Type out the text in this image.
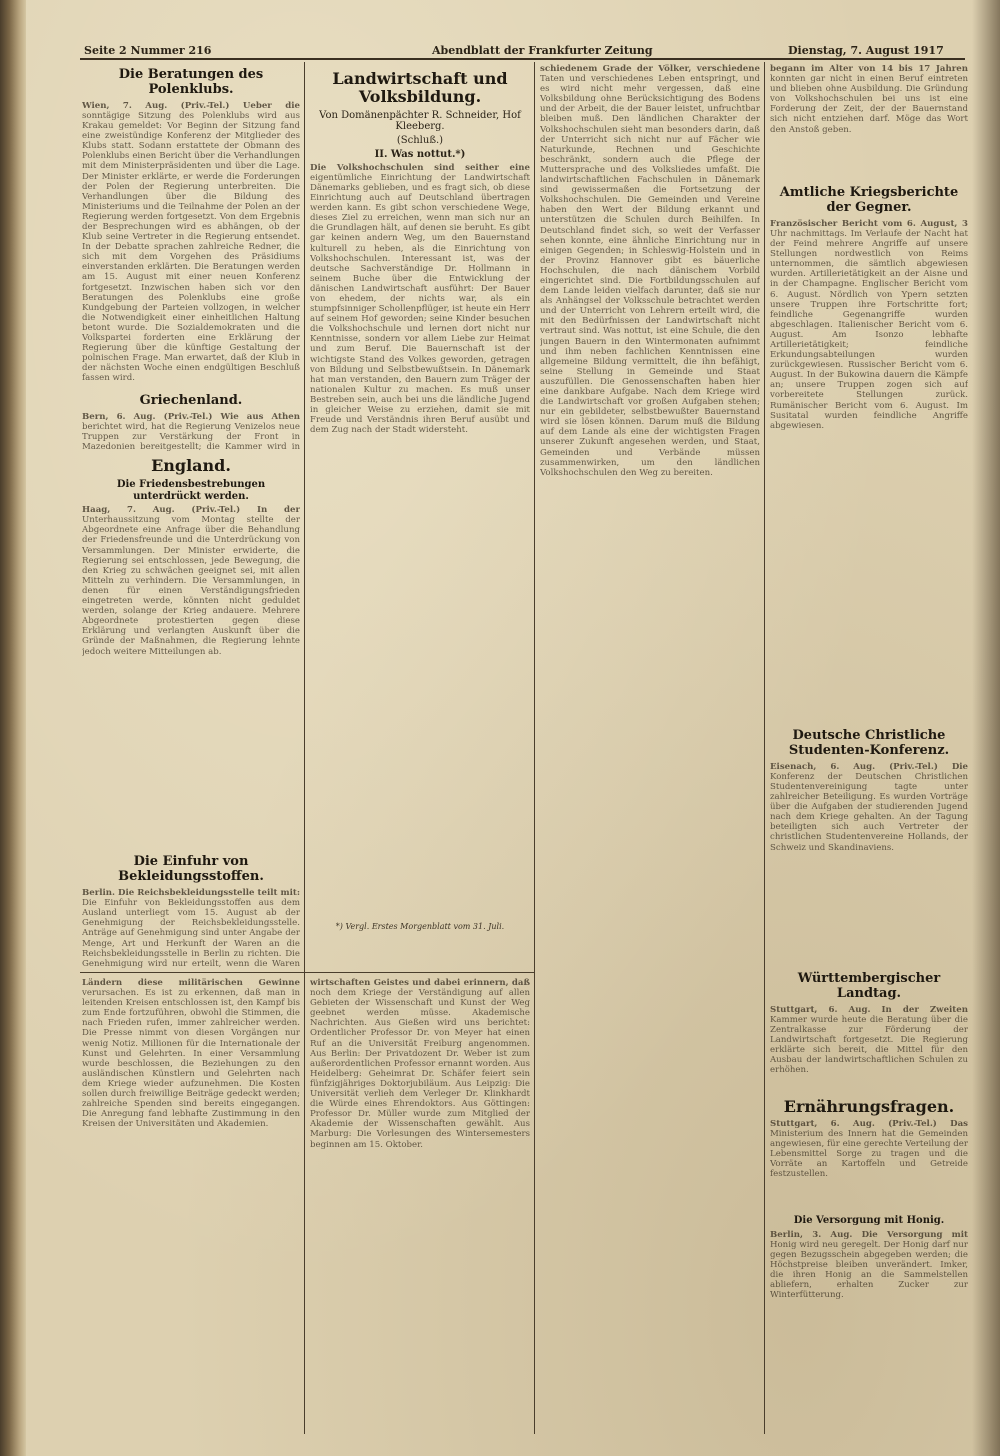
Seite 2 Nummer 216	Abendblatt der Frankfurter Zeitung	Dienstag, 7. August 1917
Die Beratungen des Polenklubs.

Wien, 7. Aug. (Priv.-Tel.) Ueber die sonntägige Sitzung des Polenklubs wird aus Krakau gemeldet: Vor Beginn der Sitzung fand eine zweistündige Konferenz der Mitglieder des Klubs statt. Sodann erstattete der Obmann des Polenklubs einen Bericht über die Verhandlungen mit dem Ministerpräsidenten und über die Lage. Der Minister erklärte, er werde die Forderungen der Polen der Regierung unterbreiten. Die Verhandlungen über die Bildung des Ministeriums und die Teilnahme der Polen an der Regierung werden fortgesetzt. Von dem Ergebnis der Besprechungen wird es abhängen, ob der Klub seine Vertreter in die Regierung entsendet. In der Debatte sprachen zahlreiche Redner, die sich mit dem Vorgehen des Präsidiums einverstanden erklärten. Die Beratungen werden am 15. August mit einer neuen Konferenz fortgesetzt. Inzwischen haben sich vor den Beratungen des Polenklubs eine große Kundgebung der Parteien vollzogen, in welcher die Notwendigkeit einer einheitlichen Haltung betont wurde. Die Sozialdemokraten und die Volkspartei forderten eine Erklärung der Regierung über die künftige Gestaltung der polnischen Frage. Man erwartet, daß der Klub in der nächsten Woche einen endgültigen Beschluß fassen wird.

Griechenland.

Bern, 6. Aug. (Priv.-Tel.) Wie aus Athen berichtet wird, hat die Regierung Venizelos neue Truppen zur Verstärkung der Front in Mazedonien bereitgestellt; die Kammer wird in

England.
Die Friedensbestrebungen unterdrückt werden.

Haag, 7. Aug. (Priv.-Tel.) In der Unterhaussitzung vom Montag stellte der Abgeordnete eine Anfrage über die Behandlung der Friedensfreunde und die Unterdrückung von Versammlungen. Der Minister erwiderte, die Regierung sei entschlossen, jede Bewegung, die den Krieg zu schwächen geeignet sei, mit allen Mitteln zu verhindern. Die Versammlungen, in denen für einen Verständigungsfrieden eingetreten werde, könnten nicht geduldet werden, solange der Krieg andauere. Mehrere Abgeordnete protestierten gegen diese Erklärung und verlangten Auskunft über die Gründe der Maßnahmen, die Regierung lehnte jedoch weitere Mitteilungen ab.

Die Einfuhr von Bekleidungsstoffen.

Berlin. Die Reichsbekleidungsstelle teilt mit: Die Einfuhr von Bekleidungsstoffen aus dem Ausland unterliegt vom 15. August ab der Genehmigung der Reichsbekleidungsstelle. Anträge auf Genehmigung sind unter Angabe der Menge, Art und Herkunft der Waren an die Reichsbekleidungsstelle in Berlin zu richten. Die Genehmigung wird nur erteilt, wenn die Waren

Landwirtschaft und Volksbildung.
Von Domänenpächter R. Schneider, Hof Kleeberg.
(Schluß.)
II. Was nottut.*)

Die Volkshochschulen sind seither eine eigentümliche Einrichtung der Landwirtschaft Dänemarks geblieben, und es fragt sich, ob diese Einrichtung auch auf Deutschland übertragen werden kann. Es gibt schon verschiedene Wege, dieses Ziel zu erreichen, wenn man sich nur an die Grundlagen hält, auf denen sie beruht. Es gibt gar keinen andern Weg, um den Bauernstand kulturell zu heben, als die Einrichtung von Volkshochschulen. Interessant ist, was der deutsche Sachverständige Dr. Hollmann in seinem Buche über die Entwicklung der dänischen Landwirtschaft ausführt: Der Bauer von ehedem, der nichts war, als ein stumpfsinniger Schollenpflüger, ist heute ein Herr auf seinem Hof geworden; seine Kinder besuchen die Volkshochschule und lernen dort nicht nur Kenntnisse, sondern vor allem Liebe zur Heimat und zum Beruf. Die Bauernschaft ist der wichtigste Stand des Volkes geworden, getragen von Bildung und Selbstbewußtsein. In Dänemark hat man verstanden, den Bauern zum Träger der nationalen Kultur zu machen. Es muß unser Bestreben sein, auch bei uns die ländliche Jugend in gleicher Weise zu erziehen, damit sie mit Freude und Verständnis ihren Beruf ausübt und dem Zug nach der Stadt widersteht.

*) Vergl. Erstes Morgenblatt vom 31. Juli.

schiedenem Grade der Völker, verschiedene Taten und verschiedenes Leben entspringt, und es wird nicht mehr vergessen, daß eine Volksbildung ohne Berücksichtigung des Bodens und der Arbeit, die der Bauer leistet, unfruchtbar bleiben muß. Den ländlichen Charakter der Volkshochschulen sieht man besonders darin, daß der Unterricht sich nicht nur auf Fächer wie Naturkunde, Rechnen und Geschichte beschränkt, sondern auch die Pflege der Muttersprache und des Volksliedes umfaßt. Die landwirtschaftlichen Fachschulen in Dänemark sind gewissermaßen die Fortsetzung der Volkshochschulen. Die Gemeinden und Vereine haben den Wert der Bildung erkannt und unterstützen die Schulen durch Beihilfen. In Deutschland findet sich, so weit der Verfasser sehen konnte, eine ähnliche Einrichtung nur in einigen Gegenden; in Schleswig-Holstein und in der Provinz Hannover gibt es bäuerliche Hochschulen, die nach dänischem Vorbild eingerichtet sind. Die Fortbildungsschulen auf dem Lande leiden vielfach darunter, daß sie nur als Anhängsel der Volksschule betrachtet werden und der Unterricht von Lehrern erteilt wird, die mit den Bedürfnissen der Landwirtschaft nicht vertraut sind. Was nottut, ist eine Schule, die den jungen Bauern in den Wintermonaten aufnimmt und ihm neben fachlichen Kenntnissen eine allgemeine Bildung vermittelt, die ihn befähigt, seine Stellung in Gemeinde und Staat auszufüllen. Die Genossenschaften haben hier eine dankbare Aufgabe. Nach dem Kriege wird die Landwirtschaft vor großen Aufgaben stehen; nur ein gebildeter, selbstbewußter Bauernstand wird sie lösen können. Darum muß die Bildung auf dem Lande als eine der wichtigsten Fragen unserer Zukunft angesehen werden, und Staat, Gemeinden und Verbände müssen zusammenwirken, um den ländlichen Volkshochschulen den Weg zu bereiten.

begann im Alter von 14 bis 17 Jahren konnten gar nicht in einen Beruf eintreten und blieben ohne Ausbildung. Die Gründung von Volkshochschulen bei uns ist eine Forderung der Zeit, der der Bauernstand sich nicht entziehen darf. Möge das Wort den Anstoß geben.

Amtliche Kriegsberichte der Gegner.

Französischer Bericht vom 6. August, 3 Uhr nachmittags. Im Verlaufe der Nacht hat der Feind mehrere Angriffe auf unsere Stellungen nordwestlich von Reims unternommen, die sämtlich abgewiesen wurden. Artillerietätigkeit an der Aisne und in der Champagne. Englischer Bericht vom 6. August. Nördlich von Ypern setzten unsere Truppen ihre Fortschritte fort; feindliche Gegenangriffe wurden abgeschlagen. Italienischer Bericht vom 6. August. Am Isonzo lebhafte Artillerietätigkeit; feindliche Erkundungsabteilungen wurden zurückgewiesen. Russischer Bericht vom 6. August. In der Bukowina dauern die Kämpfe an; unsere Truppen zogen sich auf vorbereitete Stellungen zurück. Rumänischer Bericht vom 6. August. Im Susitatal wurden feindliche Angriffe abgewiesen.

Deutsche Christliche Studenten-Konferenz.

Eisenach, 6. Aug. (Priv.-Tel.) Die Konferenz der Deutschen Christlichen Studentenvereinigung tagte unter zahlreicher Beteiligung. Es wurden Vorträge über die Aufgaben der studierenden Jugend nach dem Kriege gehalten. An der Tagung beteiligten sich auch Vertreter der christlichen Studentenvereine Hollands, der Schweiz und Skandinaviens.

Württembergischer Landtag.

Stuttgart, 6. Aug. In der Zweiten Kammer wurde heute die Beratung über die Zentralkasse zur Förderung der Landwirtschaft fortgesetzt. Die Regierung erklärte sich bereit, die Mittel für den Ausbau der landwirtschaftlichen Schulen zu erhöhen.

Ernährungsfragen.

Stuttgart, 6. Aug. (Priv.-Tel.) Das Ministerium des Innern hat die Gemeinden angewiesen, für eine gerechte Verteilung der Lebensmittel Sorge zu tragen und die Vorräte an Kartoffeln und Getreide festzustellen.

Die Versorgung mit Honig.

Berlin, 3. Aug. Die Versorgung mit Honig wird neu geregelt. Der Honig darf nur gegen Bezugsschein abgegeben werden; die Höchstpreise bleiben unverändert. Imker, die ihren Honig an die Sammelstellen abliefern, erhalten Zucker zur Winterfütterung.

Ländern diese militärischen Gewinne verursachen. Es ist zu erkennen, daß man in leitenden Kreisen entschlossen ist, den Kampf bis zum Ende fortzuführen, obwohl die Stimmen, die nach Frieden rufen, immer zahlreicher werden. Die Presse nimmt von diesen Vorgängen nur wenig Notiz. Millionen für die Internationale der Kunst und Gelehrten. In einer Versammlung wurde beschlossen, die Beziehungen zu den ausländischen Künstlern und Gelehrten nach dem Kriege wieder aufzunehmen. Die Kosten sollen durch freiwillige Beiträge gedeckt werden; zahlreiche Spenden sind bereits eingegangen. Die Anregung fand lebhafte Zustimmung in den Kreisen der Universitäten und Akademien.

wirtschaften Geistes und dabei erinnern, daß noch dem Kriege der Verständigung auf allen Gebieten der Wissenschaft und Kunst der Weg geebnet werden müsse. Akademische Nachrichten. Aus Gießen wird uns berichtet: Ordentlicher Professor Dr. von Meyer hat einen Ruf an die Universität Freiburg angenommen. Aus Berlin: Der Privatdozent Dr. Weber ist zum außerordentlichen Professor ernannt worden. Aus Heidelberg: Geheimrat Dr. Schäfer feiert sein fünfzigjähriges Doktorjubiläum. Aus Leipzig: Die Universität verlieh dem Verleger Dr. Klinkhardt die Würde eines Ehrendoktors. Aus Göttingen: Professor Dr. Müller wurde zum Mitglied der Akademie der Wissenschaften gewählt. Aus Marburg: Die Vorlesungen des Wintersemesters beginnen am 15. Oktober.
